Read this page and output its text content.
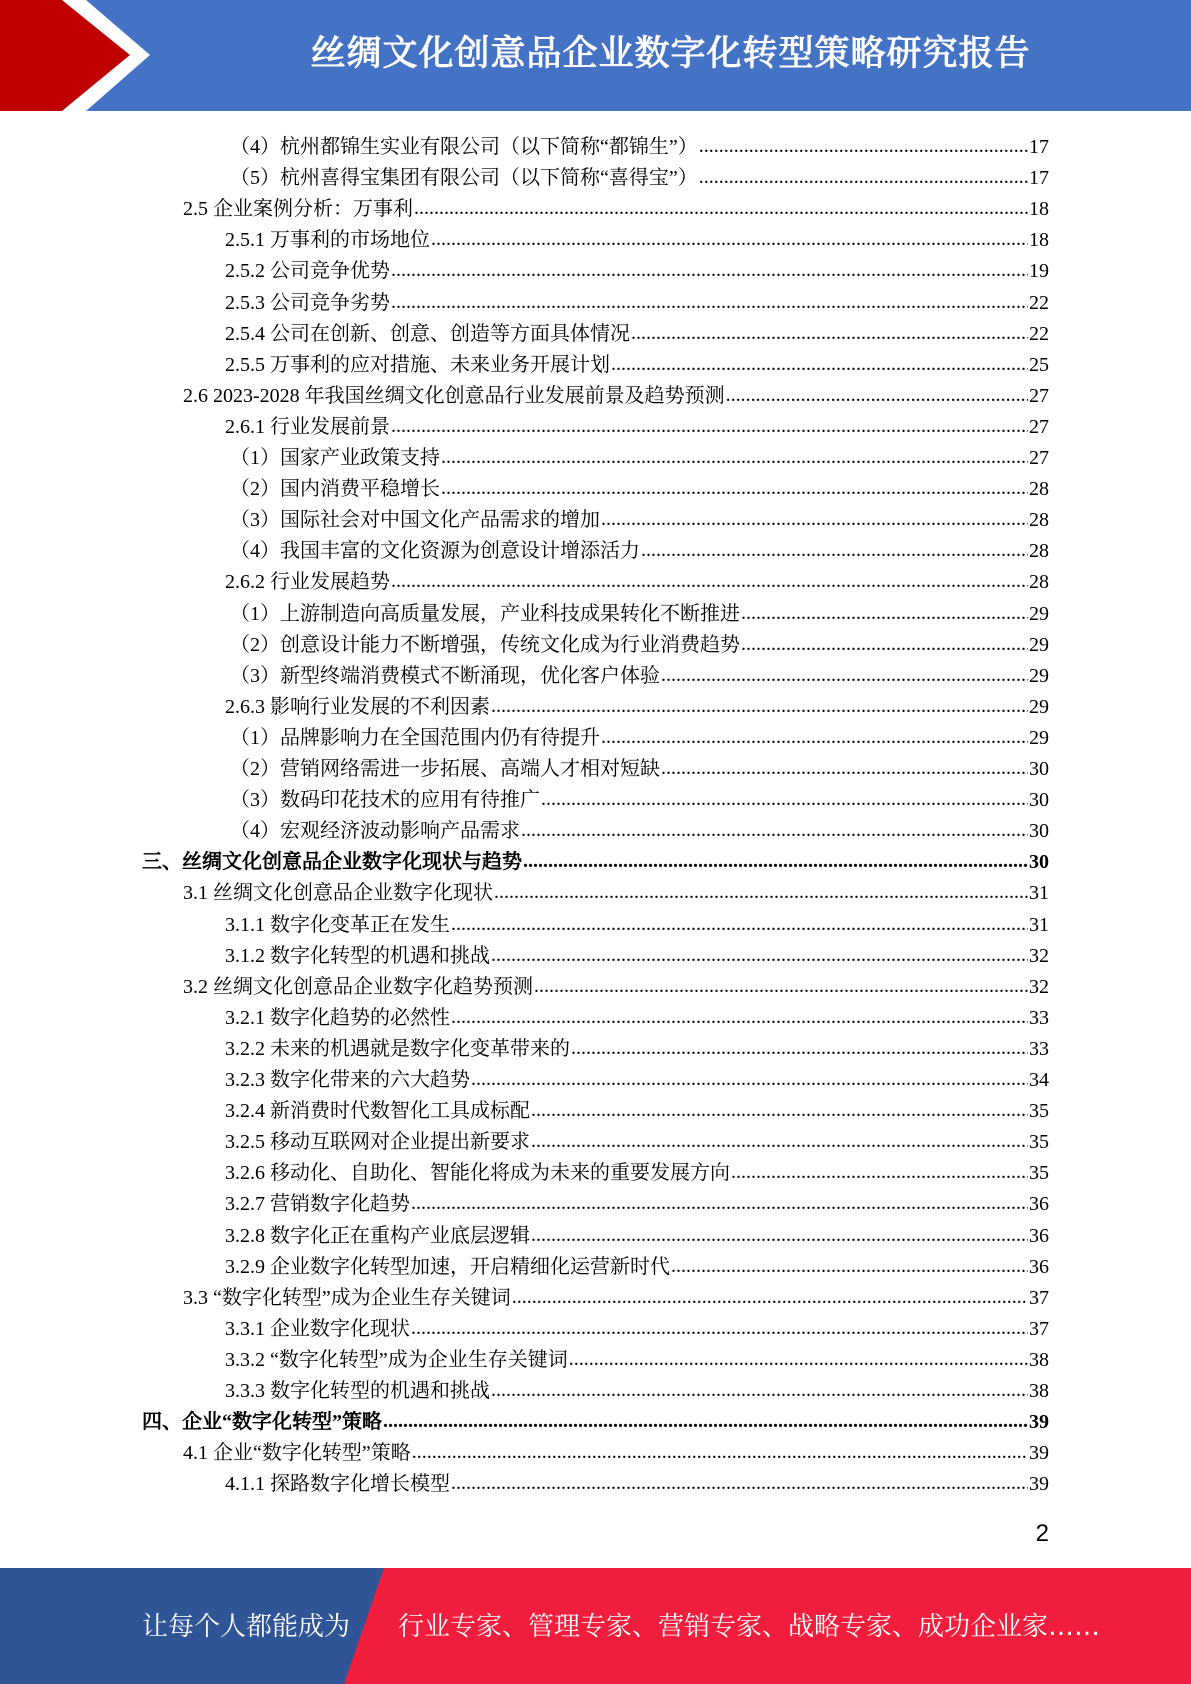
丝绸文化创意品企业数字化转型策略研究报告
（4）杭州都锦生实业有限公司（以下简称“都锦生”） .....	17
（5）杭州喜得宝集团有限公司（以下简称“喜得宝”） .....	17
2.5 企业案例分析：万事利 .....	18
2.5.1 万事利的市场地位 .....	18
2.5.2 公司竞争优势 .....	19
2.5.3 公司竞争劣势 .....	22
2.5.4 公司在创新、创意、创造等方面具体情况 .....	22
2.5.5 万事利的应对措施、未来业务开展计划 .....	25
2.6 2023-2028 年我国丝绸文化创意品行业发展前景及趋势预测 .....	27
2.6.1 行业发展前景 .....	27
（1）国家产业政策支持 .....	27
（2）国内消费平稳增长 .....	28
（3）国际社会对中国文化产品需求的增加 .....	28
（4）我国丰富的文化资源为创意设计增添活力 .....	28
2.6.2 行业发展趋势 .....	28
（1）上游制造向高质量发展，产业科技成果转化不断推进 .....	29
（2）创意设计能力不断增强，传统文化成为行业消费趋势 .....	29
（3）新型终端消费模式不断涌现，优化客户体验 .....	29
2.6.3 影响行业发展的不利因素 .....	29
（1）品牌影响力在全国范围内仍有待提升 .....	29
（2）营销网络需进一步拓展、高端人才相对短缺 .....	30
（3）数码印花技术的应用有待推广 .....	30
（4）宏观经济波动影响产品需求 .....	30
三、丝绸文化创意品企业数字化现状与趋势 .....	30
3.1 丝绸文化创意品企业数字化现状 .....	31
3.1.1 数字化变革正在发生 .....	31
3.1.2 数字化转型的机遇和挑战 .....	32
3.2 丝绸文化创意品企业数字化趋势预测 .....	32
3.2.1 数字化趋势的必然性 .....	33
3.2.2 未来的机遇就是数字化变革带来的 .....	33
3.2.3 数字化带来的六大趋势 .....	34
3.2.4 新消费时代数智化工具成标配 .....	35
3.2.5 移动互联网对企业提出新要求 .....	35
3.2.6 移动化、自助化、智能化将成为未来的重要发展方向 .....	35
3.2.7 营销数字化趋势 .....	36
3.2.8 数字化正在重构产业底层逻辑 .....	36
3.2.9 企业数字化转型加速，开启精细化运营新时代 .....	36
3.3 “数字化转型”成为企业生存关键词 .....	37
3.3.1 企业数字化现状 .....	37
3.3.2 “数字化转型”成为企业生存关键词 .....	38
3.3.3 数字化转型的机遇和挑战 .....	38
四、企业“数字化转型”策略 .....	39
4.1 企业“数字化转型”策略 .....	39
4.1.1 探路数字化增长模型 .....	39
2
让每个人都能成为 行业专家、管理专家、营销专家、战略专家、成功企业家……
